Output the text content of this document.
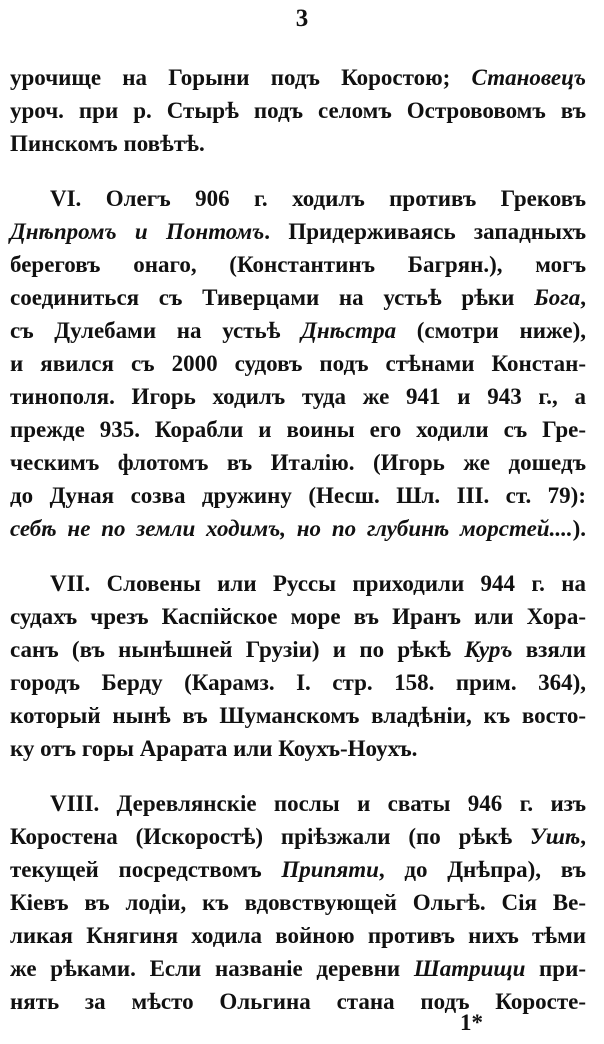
3
урочище на Горыни подъ Коростою; Становецъ
уроч. при р. Стырѣ подъ селомъ Острововомъ въ
Пинскомъ повѣтѣ.
VI. Олегъ 906 г. ходилъ противъ Грековъ
Днѣпромъ и Понтомъ. Придерживаясь западныхъ
береговъ онаго, (Константинъ Багрян.), могъ
соединиться съ Тиверцами на устьѣ рѣки Бога,
съ Дулебами на устьѣ Днѣстра (смотри ниже),
и явился съ 2000 судовъ подъ стѣнами Констан-
тинополя. Игорь ходилъ туда же 941 и 943 г., а
прежде 935. Корабли и воины его ходили съ Гре-
ческимъ флотомъ въ Италію. (Игорь же дошедъ
до Дуная созва дружину (Несш. Шл. III. ст. 79):
себѣ не по земли ходимъ, но по глубинѣ морстей....).
VII. Словены или Руссы приходили 944 г. на
судахъ чрезъ Каспійское море въ Иранъ или Хора-
санъ (въ нынѣшней Грузіи) и по рѣкѣ Куръ взяли
городъ Берду (Карамз. I. стр. 158. прим. 364),
который нынѣ въ Шуманскомъ владѣніи, къ восто-
ку отъ горы Арарата или Коухъ-Ноухъ.
VIII. Деревлянскіе послы и сваты 946 г. изъ
Коростена (Искоростѣ) пріѣзжали (по рѣкѣ Ушѣ,
текущей посредствомъ Припяти, до Днѣпра), въ
Кіевъ въ лодіи, къ вдовствующей Ольгѣ. Сія Ве-
ликая Княгиня ходила войною противъ нихъ тѣми
же рѣками. Если названіе деревни Шатрищи при-
нять за мѣсто Ольгина стана подъ Коросте-
1*
